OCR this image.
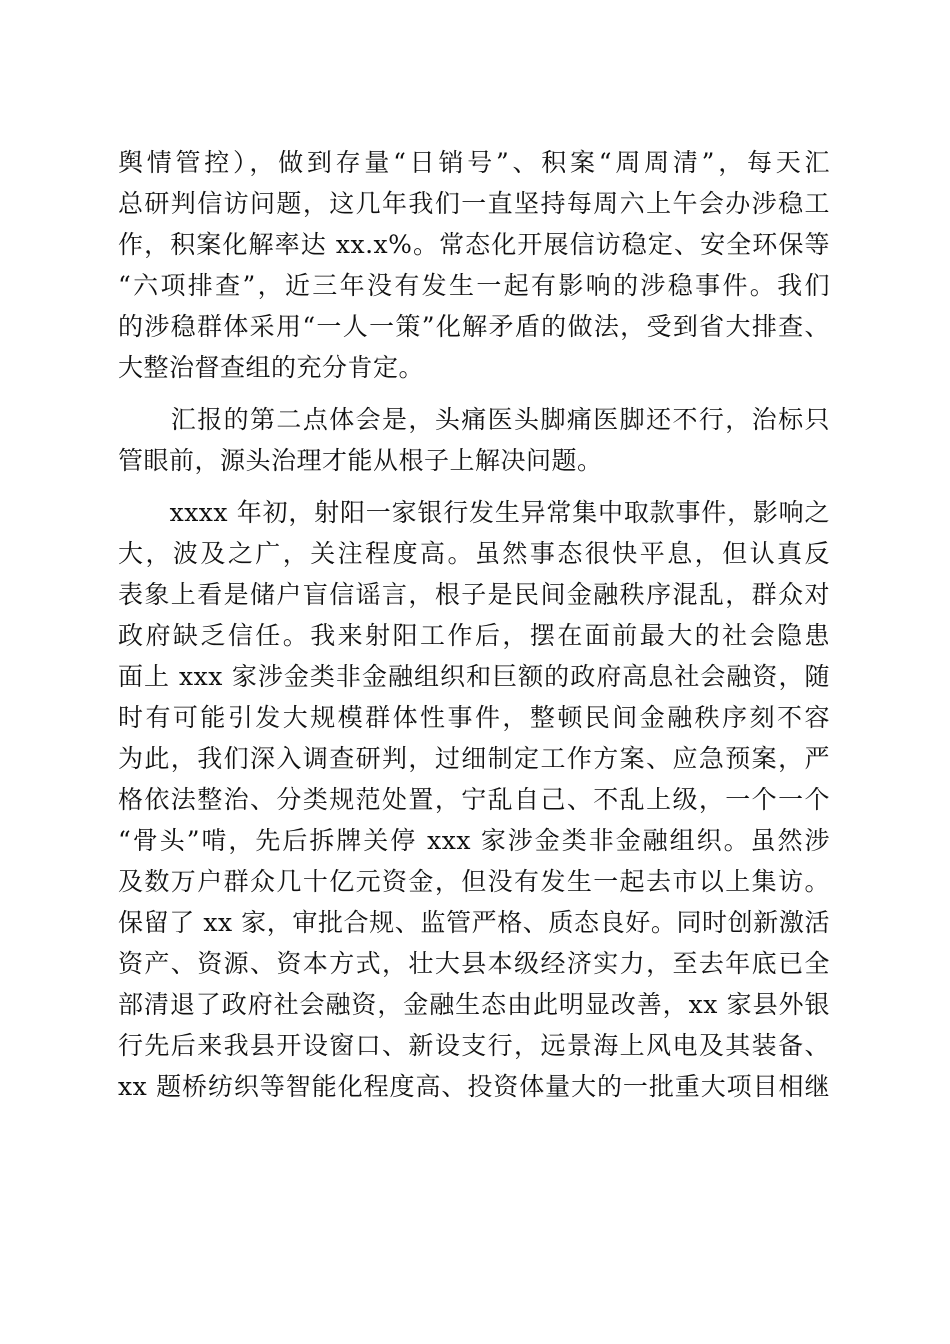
舆情管控），做到存量“日销号”、积案“周周清”，每天汇
总研判信访问题，这几年我们一直坚持每周六上午会办涉稳工
作，积案化解率达 xx.x%。常态化开展信访稳定、安全环保等
“六项排查”，近三年没有发生一起有影响的涉稳事件。我们
的涉稳群体采用“一人一策”化解矛盾的做法，受到省大排查、
大整治督查组的充分肯定。
　　汇报的第二点体会是，头痛医头脚痛医脚还不行，治标只
管眼前，源头治理才能从根子上解决问题。
　　xxxx 年初，射阳一家银行发生异常集中取款事件，影响之
大，波及之广，关注程度高。虽然事态很快平息，但认真反
表象上看是储户盲信谣言，根子是民间金融秩序混乱，群众对
政府缺乏信任。我来射阳工作后，摆在面前最大的社会隐患
面上 xxx 家涉金类非金融组织和巨额的政府高息社会融资，随
时有可能引发大规模群体性事件，整顿民间金融秩序刻不容
为此，我们深入调查研判，过细制定工作方案、应急预案，严
格依法整治、分类规范处置，宁乱自己、不乱上级，一个一个
“骨头”啃，先后拆牌关停 xxx 家涉金类非金融组织。虽然涉
及数万户群众几十亿元资金，但没有发生一起去市以上集访。
保留了 xx 家，审批合规、监管严格、质态良好。同时创新激活
资产、资源、资本方式，壮大县本级经济实力，至去年底已全
部清退了政府社会融资，金融生态由此明显改善，xx 家县外银
行先后来我县开设窗口、新设支行，远景海上风电及其装备、
xx 题桥纺织等智能化程度高、投资体量大的一批重大项目相继
